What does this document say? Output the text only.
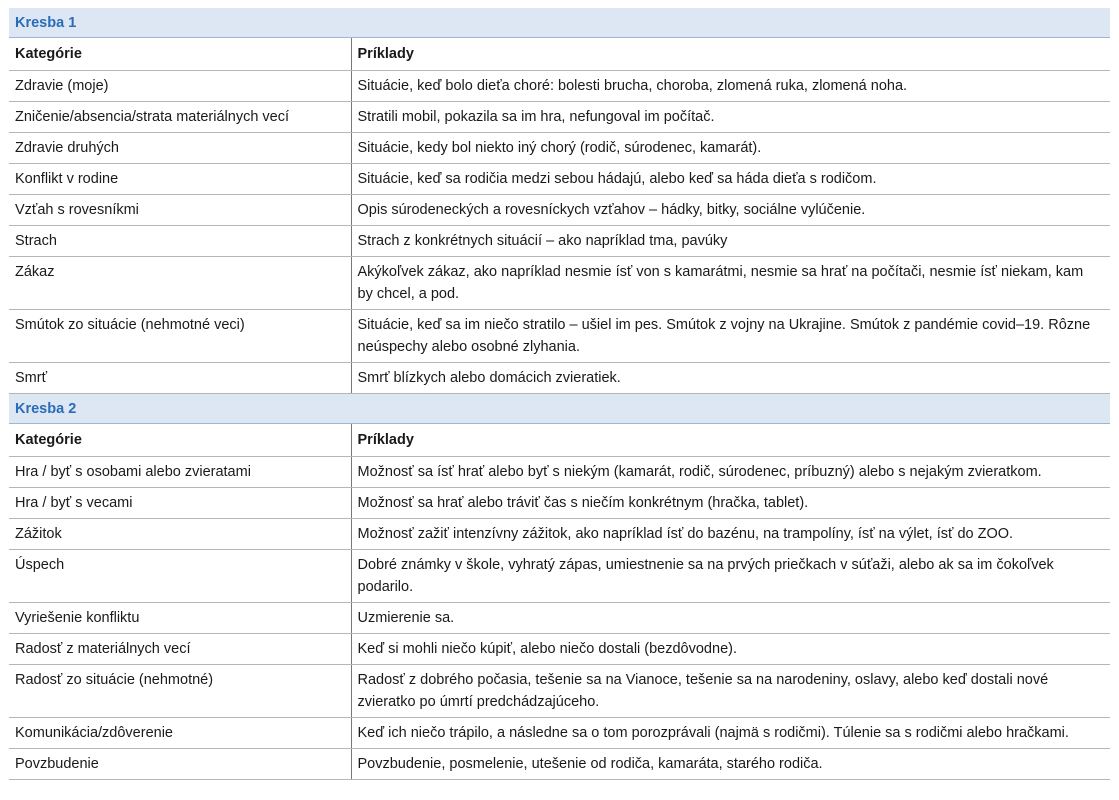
Kresba 1	
Kategórie	Príklady
Zdravie (moje)	Situácie, keď bolo dieťa choré: bolesti brucha, choroba, zlomená ruka, zlomená noha.
Zničenie/absencia/strata materiálnych vecí	Stratili mobil, pokazila sa im hra, nefungoval im počítač.
Zdravie druhých	Situácie, kedy bol niekto iný chorý (rodič, súrodenec, kamarát).
Konflikt v rodine	Situácie, keď sa rodičia medzi sebou hádajú, alebo keď sa háda dieťa s rodičom.
Vzťah s rovesníkmi	Opis súrodeneckých a rovesníckych vzťahov – hádky, bitky, sociálne vylúčenie.
Strach	Strach z konkrétnych situácií – ako napríklad tma, pavúky
Zákaz	Akýkoľvek zákaz, ako napríklad nesmie ísť von s kamarátmi, nesmie sa hrať na počítači, nesmie ísť niekam, kam by chcel, a pod.
Smútok zo situácie (nehmotné veci)	Situácie, keď sa im niečo stratilo – ušiel im pes. Smútok z vojny na Ukrajine. Smútok z pandémie covid–19. Rôzne neúspechy alebo osobné zlyhania.
Smrť	Smrť blízkych alebo domácich zvieratiek.
Kresba 2	
Kategórie	Príklady
Hra / byť s osobami alebo zvieratami	Možnosť sa ísť hrať alebo byť s niekým (kamarát, rodič, súrodenec, príbuzný) alebo s nejakým zvieratkom.
Hra / byť s vecami	Možnosť sa hrať alebo tráviť čas s niečím konkrétnym (hračka, tablet).
Zážitok	Možnosť zažiť intenzívny zážitok, ako napríklad ísť do bazénu, na trampolíny, ísť na výlet, ísť do ZOO.
Úspech	Dobré známky v škole, vyhratý zápas, umiestnenie sa na prvých priečkach v súťaži, alebo ak sa im čokoľvek podarilo.
Vyriešenie konfliktu	Uzmierenie sa.
Radosť z materiálnych vecí	Keď si mohli niečo kúpiť, alebo niečo dostali (bezdôvodne).
Radosť zo situácie (nehmotné)	Radosť z dobrého počasia, tešenie sa na Vianoce, tešenie sa na narodeniny, oslavy, alebo keď dostali nové zvieratko po úmrtí predchádzajúceho.
Komunikácia/zdôverenie	Keď ich niečo trápilo, a následne sa o tom porozprávali (najmä s rodičmi). Túlenie sa s rodičmi alebo hračkami.
Povzbudenie	Povzbudenie, posmelenie, utešenie od rodiča, kamaráta, starého rodiča.
